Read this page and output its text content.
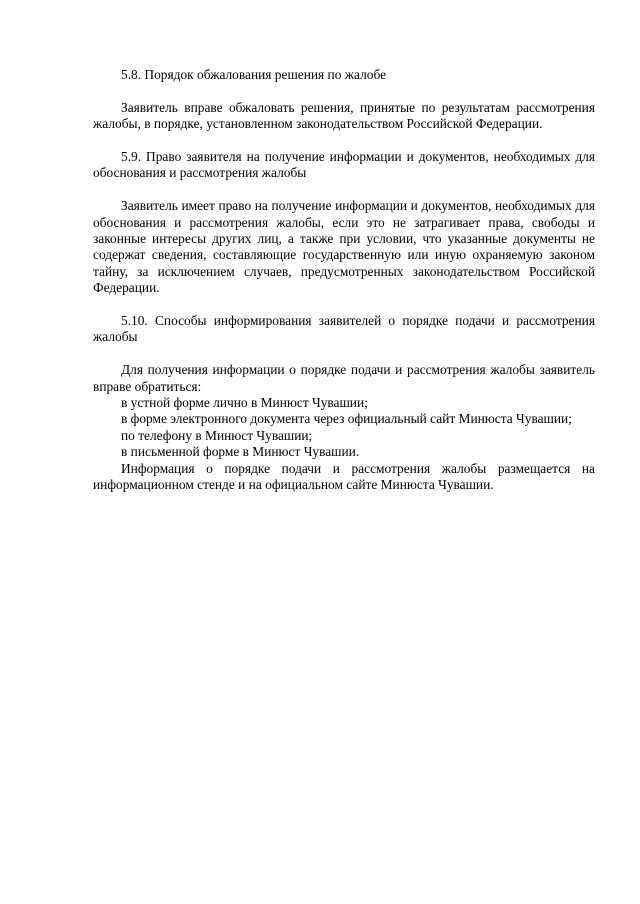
5.8. Порядок обжалования решения по жалобе

Заявитель вправе обжаловать решения, принятые по результатам рассмотрения жалобы, в порядке, установленном законодательством Российской Федерации.

5.9. Право заявителя на получение информации и документов, необходимых для обоснования и рассмотрения жалобы

Заявитель имеет право на получение информации и документов, необходимых для обоснования и рассмотрения жалобы, если это не затрагивает права, свободы и законные интересы других лиц, а также при условии, что указанные документы не содержат сведения, составляющие государственную или иную охраняемую законом тайну, за исключением случаев, предусмотренных законодательством Российской Федерации.

5.10. Способы информирования заявителей о порядке подачи и рассмотрения жалобы

Для получения информации о порядке подачи и рассмотрения жалобы заявитель вправе обратиться:

в устной форме лично в Минюст Чувашии;

в форме электронного документа через официальный сайт Минюста Чувашии;

по телефону в Минюст Чувашии;

в письменной форме в Минюст Чувашии.

Информация о порядке подачи и рассмотрения жалобы размещается на информационном стенде и на официальном сайте Минюста Чувашии.
